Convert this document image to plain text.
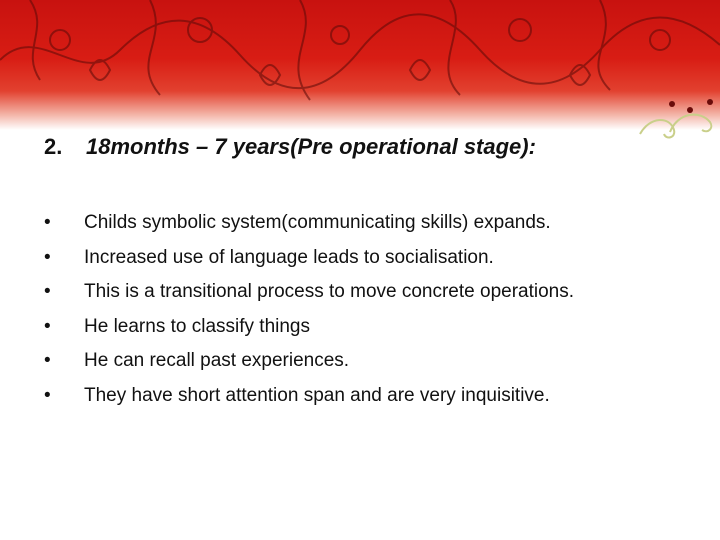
2. 18months – 7 years(Pre operational stage):
• Childs symbolic system(communicating skills) expands.
• Increased use of language leads to socialisation.
• This is a transitional process to move concrete operations.
• He learns to classify things
• He can recall past experiences.
• They have short attention span and are very inquisitive.
